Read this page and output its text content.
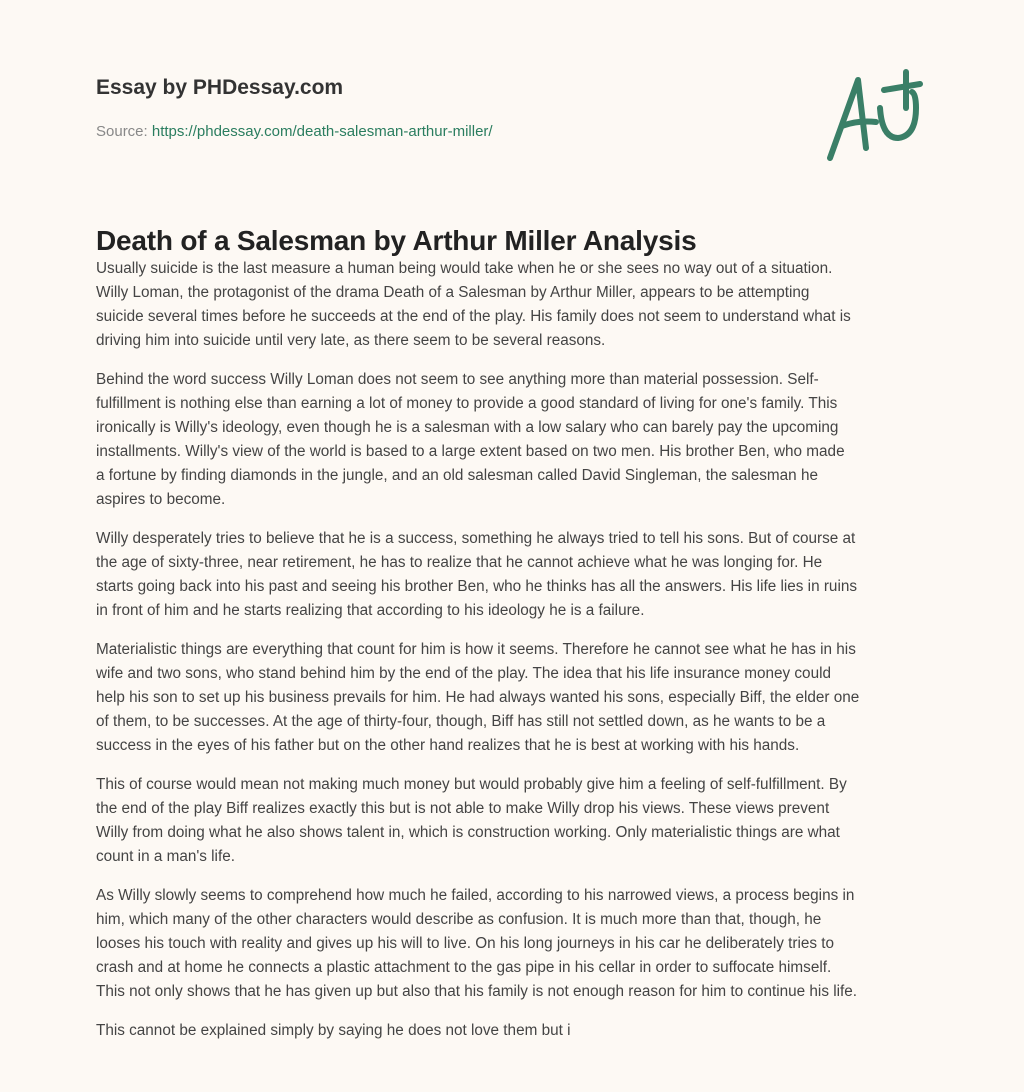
Essay by PHDessay.com
Source: https://phdessay.com/death-salesman-arthur-miller/
Death of a Salesman by Arthur Miller Analysis

Usually suicide is the last measure a human being would take when he or she sees no way out of a situation.
Willy Loman, the protagonist of the drama Death of a Salesman by Arthur Miller, appears to be attempting
suicide several times before he succeeds at the end of the play. His family does not seem to understand what is
driving him into suicide until very late, as there seem to be several reasons.

Behind the word success Willy Loman does not seem to see anything more than material possession. Self-
fulfillment is nothing else than earning a lot of money to provide a good standard of living for one's family. This
ironically is Willy's ideology, even though he is a salesman with a low salary who can barely pay the upcoming
installments. Willy's view of the world is based to a large extent based on two men. His brother Ben, who made
a fortune by finding diamonds in the jungle, and an old salesman called David Singleman, the salesman he
aspires to become.

Willy desperately tries to believe that he is a success, something he always tried to tell his sons. But of course at
the age of sixty-three, near retirement, he has to realize that he cannot achieve what he was longing for. He
starts going back into his past and seeing his brother Ben, who he thinks has all the answers. His life lies in ruins
in front of him and he starts realizing that according to his ideology he is a failure.

Materialistic things are everything that count for him is how it seems. Therefore he cannot see what he has in his
wife and two sons, who stand behind him by the end of the play. The idea that his life insurance money could
help his son to set up his business prevails for him. He had always wanted his sons, especially Biff, the elder one
of them, to be successes. At the age of thirty-four, though, Biff has still not settled down, as he wants to be a
success in the eyes of his father but on the other hand realizes that he is best at working with his hands.

This of course would mean not making much money but would probably give him a feeling of self-fulfillment. By
the end of the play Biff realizes exactly this but is not able to make Willy drop his views. These views prevent
Willy from doing what he also shows talent in, which is construction working. Only materialistic things are what
count in a man's life.

As Willy slowly seems to comprehend how much he failed, according to his narrowed views, a process begins in
him, which many of the other characters would describe as confusion. It is much more than that, though, he
looses his touch with reality and gives up his will to live. On his long journeys in his car he deliberately tries to
crash and at home he connects a plastic attachment to the gas pipe in his cellar in order to suffocate himself.
This not only shows that he has given up but also that his family is not enough reason for him to continue his life.

This cannot be explained simply by saying he does not love them but i
